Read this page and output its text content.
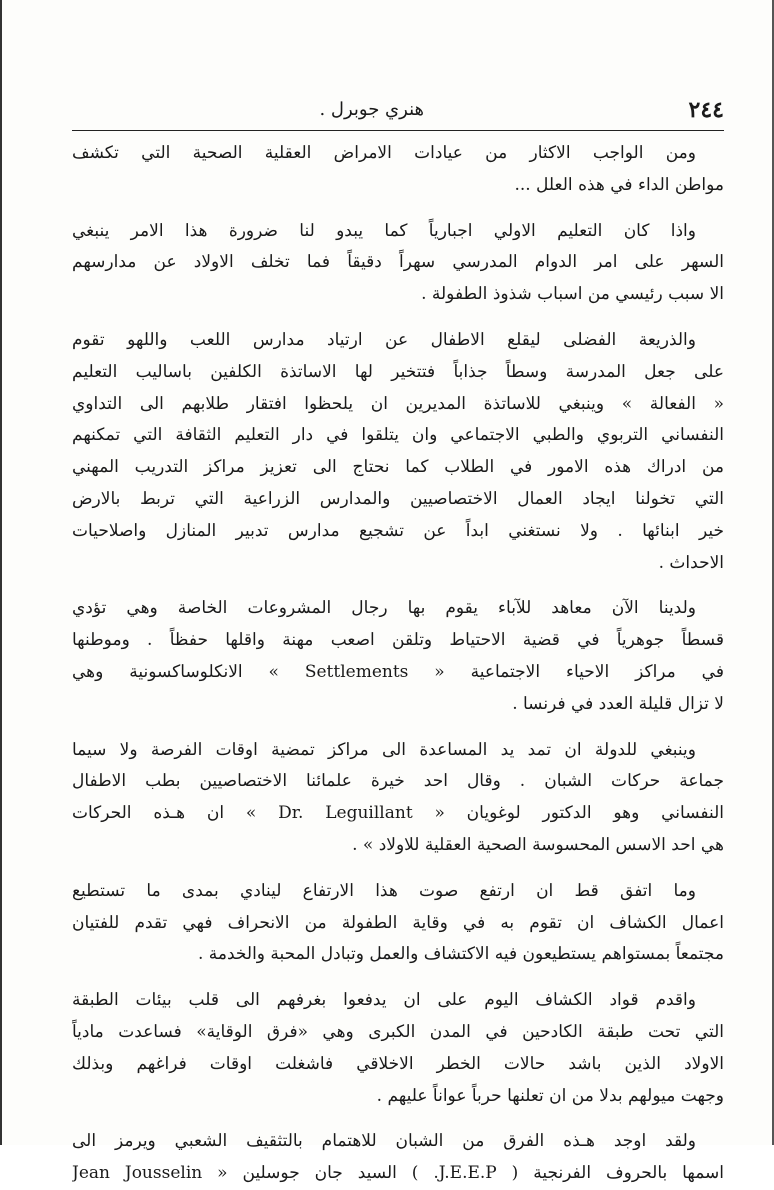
٢٤٤
هنري جوبرل .
ومن الواجب الاكثار من عيادات الامراض العقلية الصحية التي تكشف
مواطن الداء في هذه العلل ...
واذا كان التعليم الاولي اجبارياً كما يبدو لنا ضرورة هذا الامر ينبغي
السهر على امر الدوام المدرسي سهراً دقيقاً فما تخلف الاولاد عن مدارسهم
الا سبب رئيسي من اسباب شذوذ الطفولة .
والذريعة الفضلى ليقلع الاطفال عن ارتياد مدارس اللعب واللهو تقوم
على جعل المدرسة وسطاً جذاباً فتتخير لها الاساتذة الكلفين باساليب التعليم
« الفعالة » وينبغي للاساتذة المديرين ان يلحظوا افتقار طلابهم الى التداوي
النفساني التربوي والطبي الاجتماعي وان يتلقوا في دار التعليم الثقافة التي تمكنهم
من ادراك هذه الامور في الطلاب كما نحتاج الى تعزيز مراكز التدريب المهني
التي تخولنا ايجاد العمال الاختصاصيين والمدارس الزراعية التي تربط بالارض
خير ابنائها . ولا نستغني ابداً عن تشجيع مدارس تدبير المنازل واصلاحيات
الاحداث .
ولدينا الآن معاهد للآباء يقوم بها رجال المشروعات الخاصة وهي تؤدي
قسطاً جوهرياً في قضية الاحتياط وتلقن اصعب مهنة واقلها حفظاً . وموطنها
في مراكز الاحياء الاجتماعية « Settlements » الانكلوساكسونية وهي
لا تزال قليلة العدد في فرنسا .
وينبغي للدولة ان تمد يد المساعدة الى مراكز تمضية اوقات الفرصة ولا سيما
جماعة حركات الشبان . وقال احد خيرة علمائنا الاختصاصيين بطب الاطفال
النفساني وهو الدكتور لوغويان « Dr. Leguillant » ان هـذه الحركات
هي احد الاسس المحسوسة الصحية العقلية للاولاد » .
وما اتفق قط ان ارتفع صوت هذا الارتفاع لينادي بمدى ما تستطيع
اعمال الكشاف ان تقوم به في وقاية الطفولة من الانحراف فهي تقدم للفتيان
مجتمعاً بمستواهم يستطيعون فيه الاكتشاف والعمل وتبادل المحبة والخدمة .
واقدم قواد الكشاف اليوم على ان يدفعوا بغرفهم الى قلب بيئات الطبقة
التي تحت طبقة الكادحين في المدن الكبرى وهي «فرق الوقاية» فساعدت مادياً
الاولاد الذين باشد حالات الخطر الاخلاقي فاشغلت اوقات فراغهم وبذلك
وجهت ميولهم بدلا من ان تعلنها حرباً عواناً عليهم .
ولقد اوجد هـذه الفرق من الشبان للاهتمام بالتثقيف الشعبي ويرمز الى
اسمها بالحروف الفرنجية ( J.E.E.P. ) السيد جان جوسلين « Jean Jousselin
